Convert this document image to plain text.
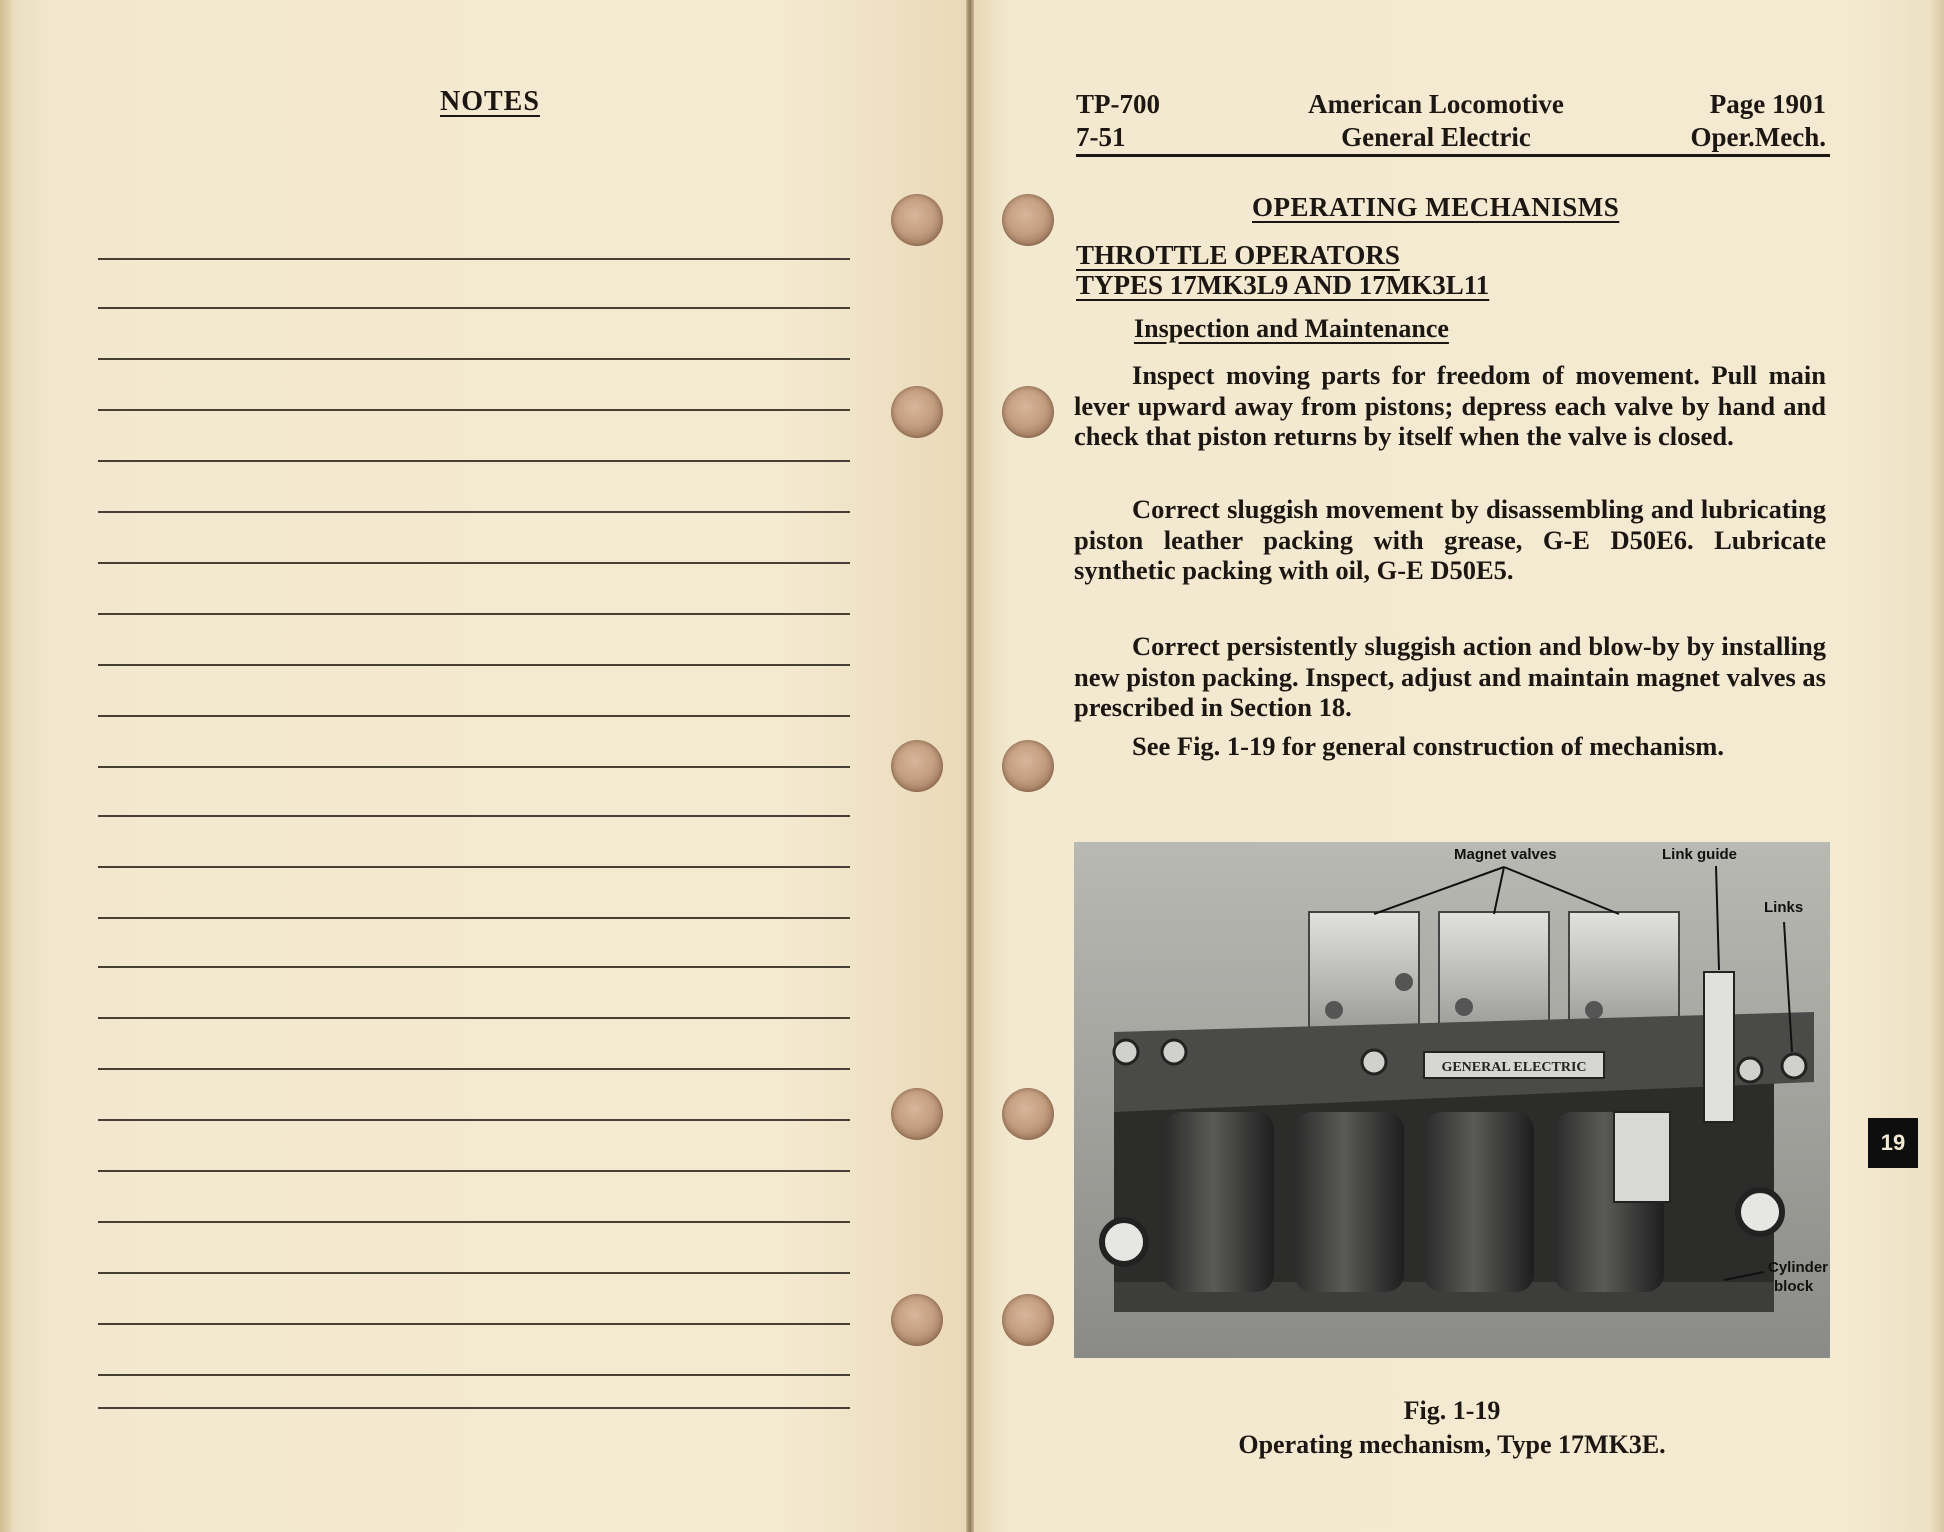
NOTES	TP-700
7-51
American Locomotive
General Electric
Page 1901
Oper.Mech.
OPERATING MECHANISMS
THROTTLE OPERATORS
TYPES 17MK3L9 AND 17MK3L11
Inspection and Maintenance
Inspect moving parts for freedom of movement. Pull main lever upward away from pistons; depress each valve by hand and check that piston returns by itself when the valve is closed.
Correct sluggish movement by disassembling and lubricating piston leather packing with grease, G-E D50E6. Lubricate synthetic packing with oil, G-E D50E5.
Correct persistently sluggish action and blow-by by installing new piston packing. Inspect, adjust and maintain magnet valves as prescribed in Section 18.
See Fig. 1-19 for general construction of mechanism.
GENERAL ELECTRIC
Magnet valves	Link guide
Links
Cylinder
block
Fig. 1-19
Operating mechanism, Type 17MK3E.
19
